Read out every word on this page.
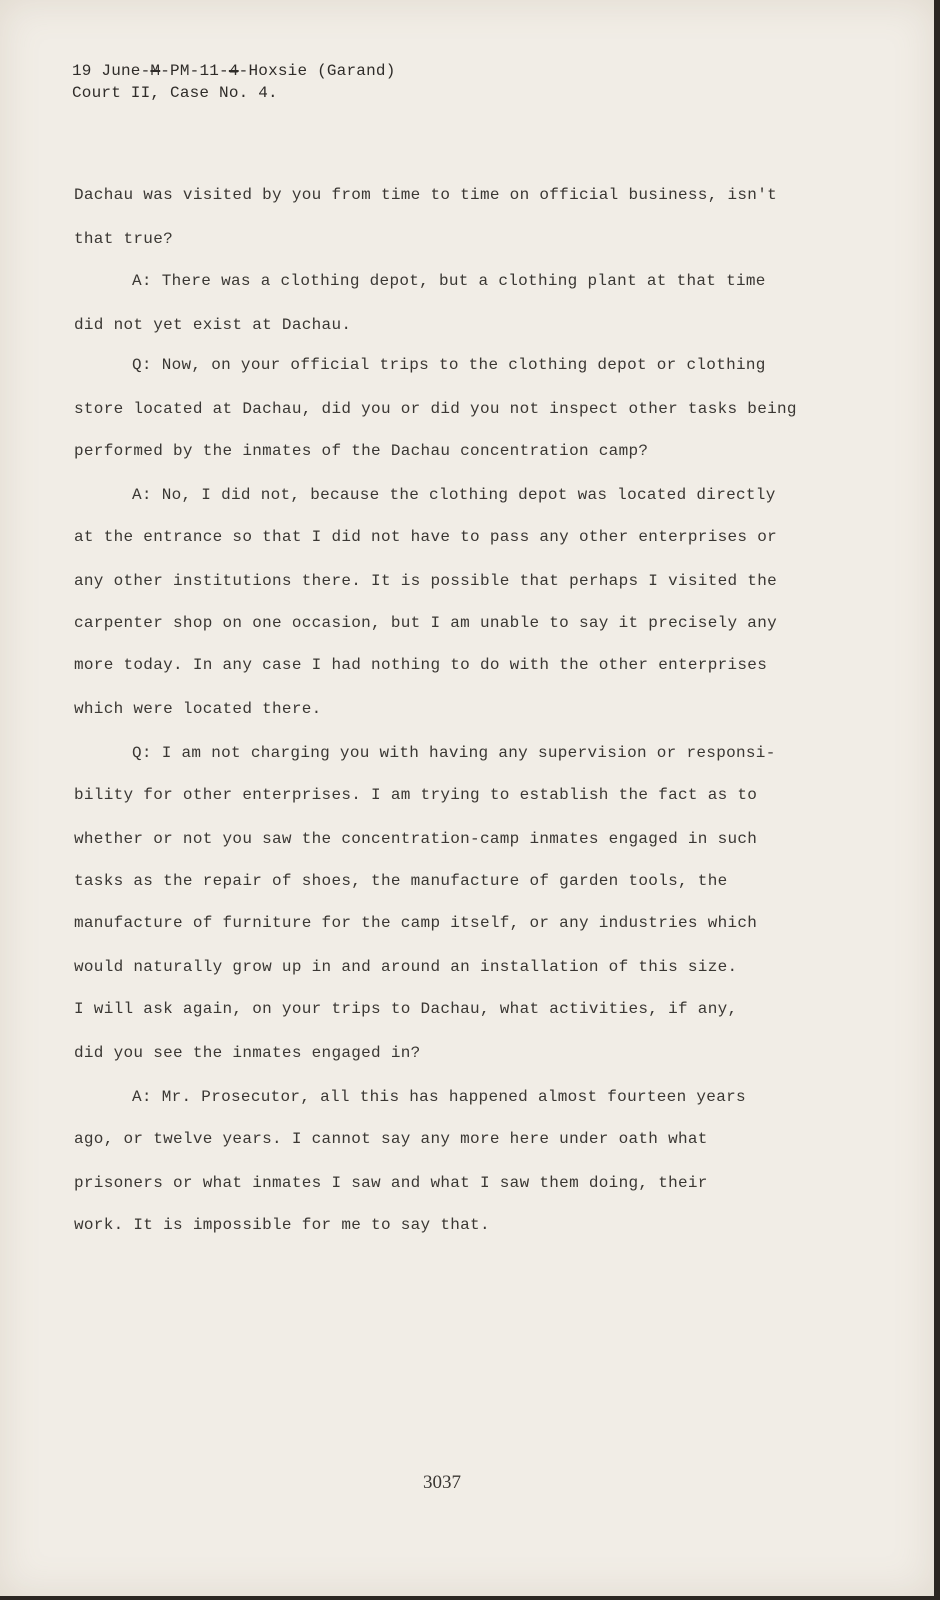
19 June-M-PM-11-4-Hoxsie (Garand)
Court II, Case No. 4.
Dachau was visited by you from time to time on official business, isn't
that true?
A: There was a clothing depot, but a clothing plant at that time
did not yet exist at Dachau.
Q: Now, on your official trips to the clothing depot or clothing
store located at Dachau, did you or did you not inspect other tasks being
performed by the inmates of the Dachau concentration camp?
A: No, I did not, because the clothing depot was located directly
at the entrance so that I did not have to pass any other enterprises or
any other institutions there. It is possible that perhaps I visited the
carpenter shop on one occasion, but I am unable to say it precisely any
more today. In any case I had nothing to do with the other enterprises
which were located there.
Q: I am not charging you with having any supervision or responsi-
bility for other enterprises. I am trying to establish the fact as to
whether or not you saw the concentration-camp inmates engaged in such
tasks as the repair of shoes, the manufacture of garden tools, the
manufacture of furniture for the camp itself, or any industries which
would naturally grow up in and around an installation of this size.
I will ask again, on your trips to Dachau, what activities, if any,
did you see the inmates engaged in?
A: Mr. Prosecutor, all this has happened almost fourteen years
ago, or twelve years. I cannot say any more here under oath what
prisoners or what inmates I saw and what I saw them doing, their
work. It is impossible for me to say that.
3037
